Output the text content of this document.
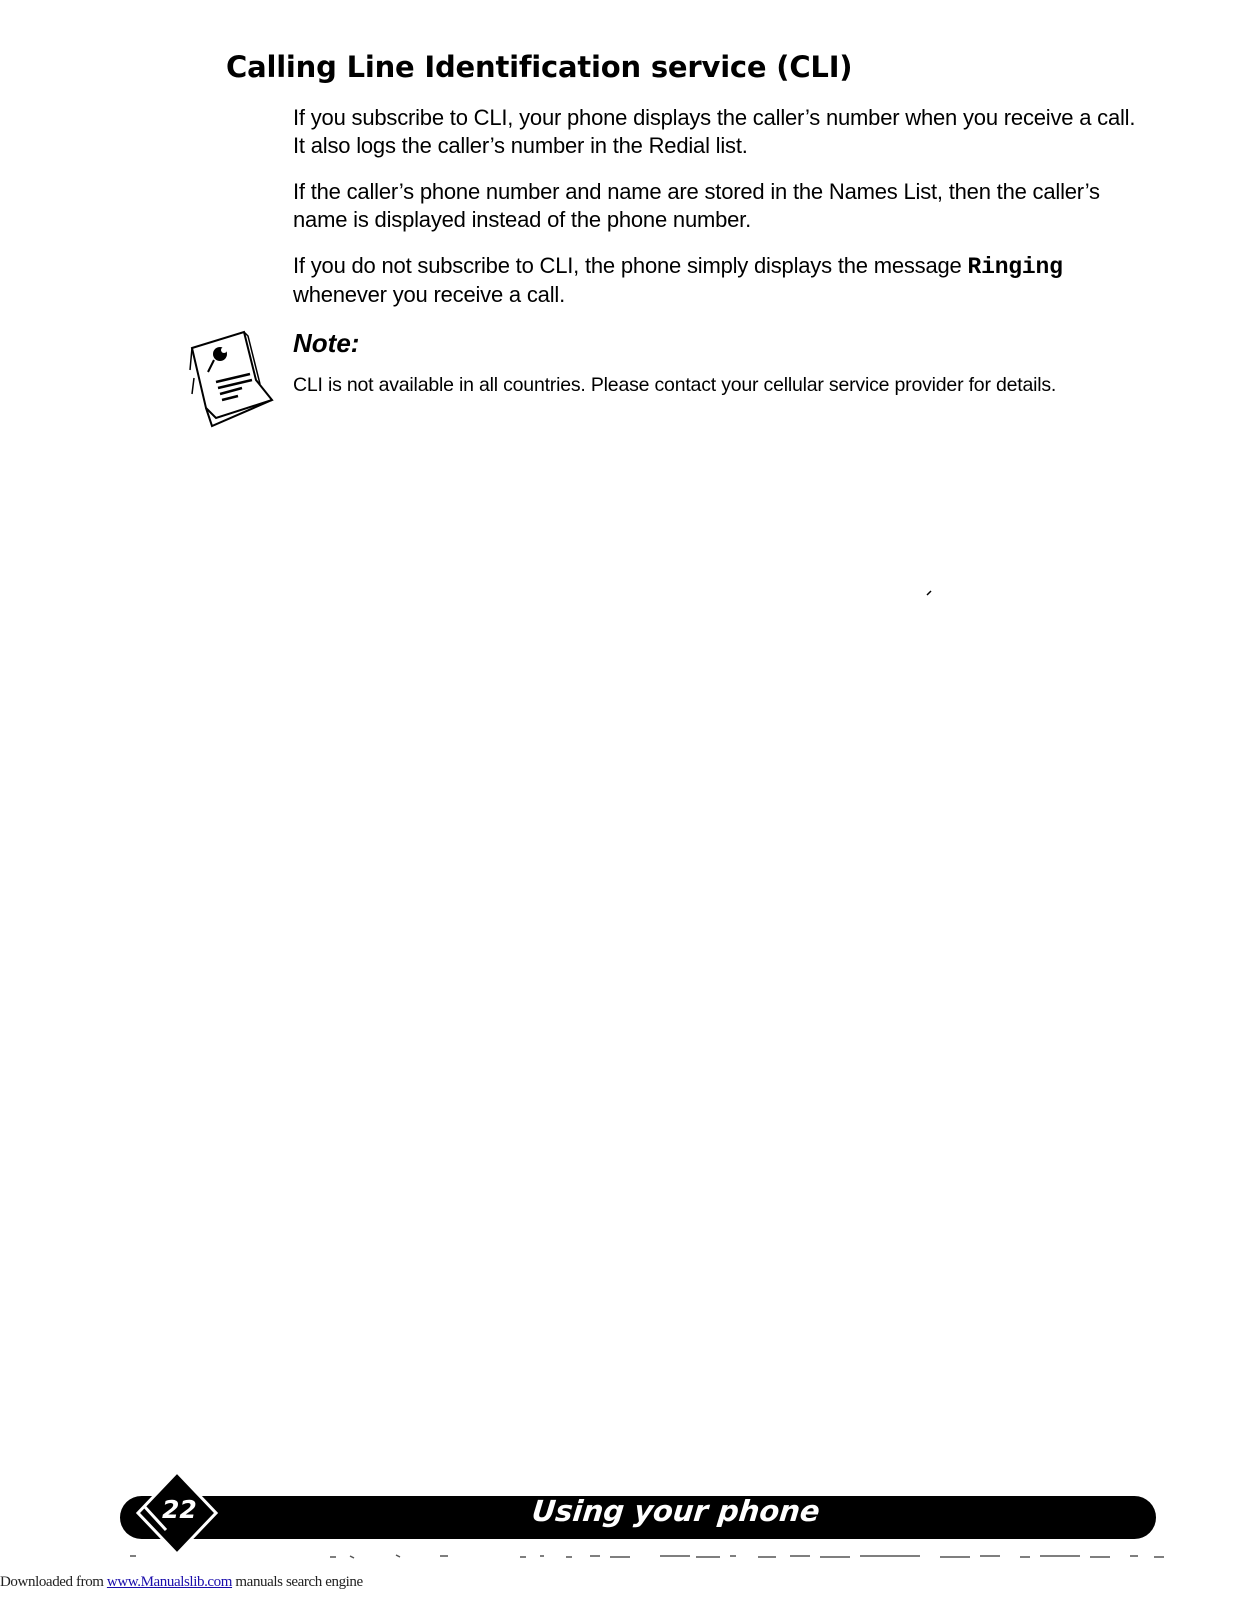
Calling Line Identification service (CLI)

If you subscribe to CLI, your phone displays the caller’s number when you receive a call. It also logs the caller’s number in the Redial list.

If the caller’s phone number and name are stored in the Names List, then the caller’s name is displayed instead of the phone number.

If you do not subscribe to CLI, the phone simply displays the message Ringing whenever you receive a call.

Note:

CLI is not available in all countries. Please contact your cellular service provider for details.

22	Using your phone

Downloaded from www.Manualslib.com manuals search engine
